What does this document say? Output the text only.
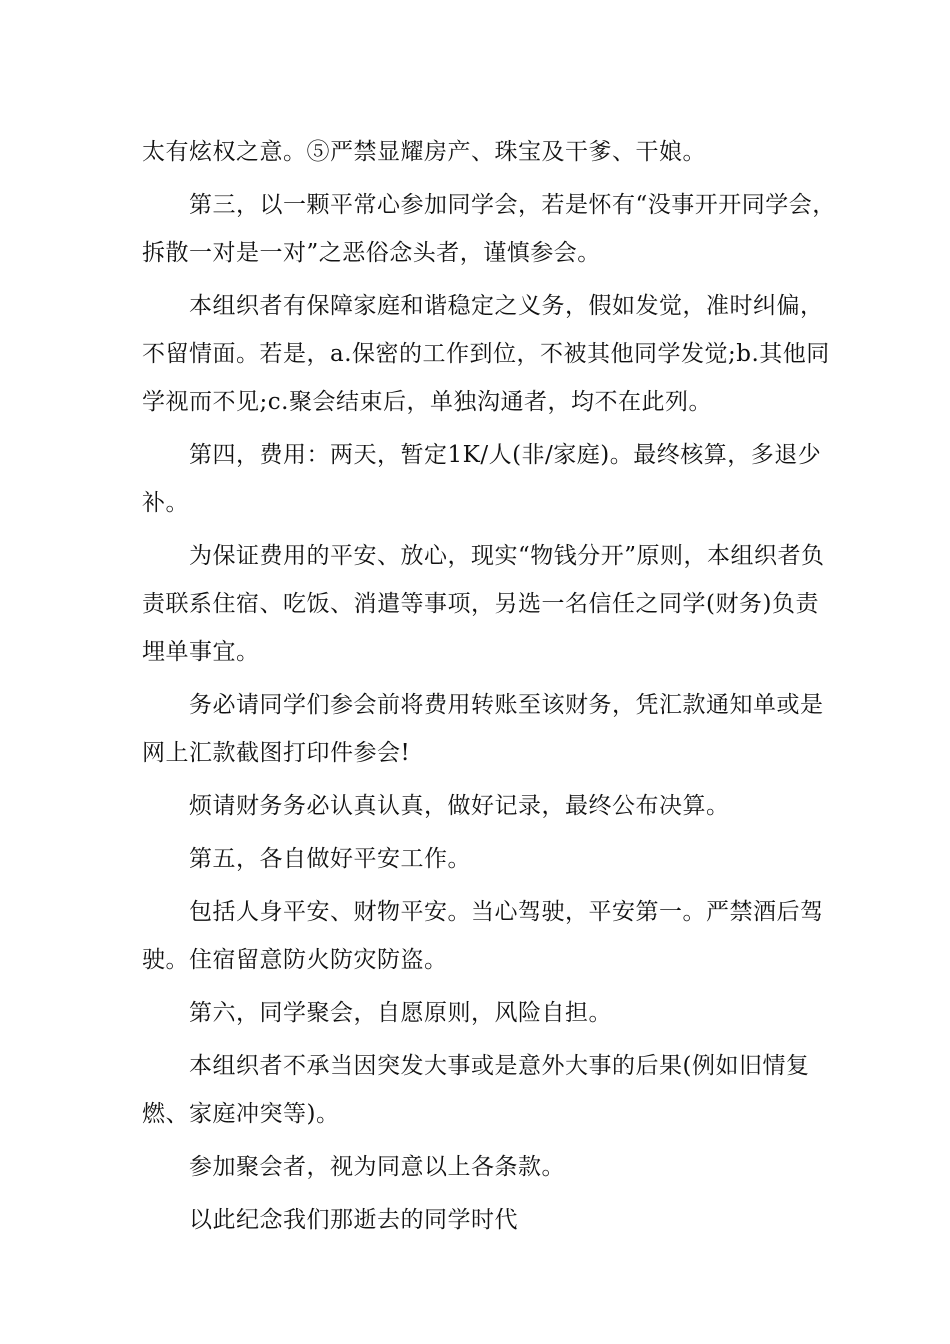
太有炫权之意。⑤严禁显耀房产、珠宝及干爹、干娘。

第三，以一颗平常心参加同学会，若是怀有“没事开开同学会，拆散一对是一对”之恶俗念头者，谨慎参会。

本组织者有保障家庭和谐稳定之义务，假如发觉，准时纠偏，不留情面。若是，a.保密的工作到位，不被其他同学发觉;b.其他同学视而不见;c.聚会结束后，单独沟通者，均不在此列。

第四，费用：两天，暂定1K/人(非/家庭)。最终核算，多退少补。

为保证费用的平安、放心，现实“物钱分开”原则，本组织者负责联系住宿、吃饭、消遣等事项，另选一名信任之同学(财务)负责埋单事宜。

务必请同学们参会前将费用转账至该财务，凭汇款通知单或是网上汇款截图打印件参会!

烦请财务务必认真认真，做好记录，最终公布决算。

第五，各自做好平安工作。

包括人身平安、财物平安。当心驾驶，平安第一。严禁酒后驾驶。住宿留意防火防灾防盗。

第六，同学聚会，自愿原则，风险自担。

本组织者不承当因突发大事或是意外大事的后果(例如旧情复燃、家庭冲突等)。

参加聚会者，视为同意以上各条款。

以此纪念我们那逝去的同学时代
